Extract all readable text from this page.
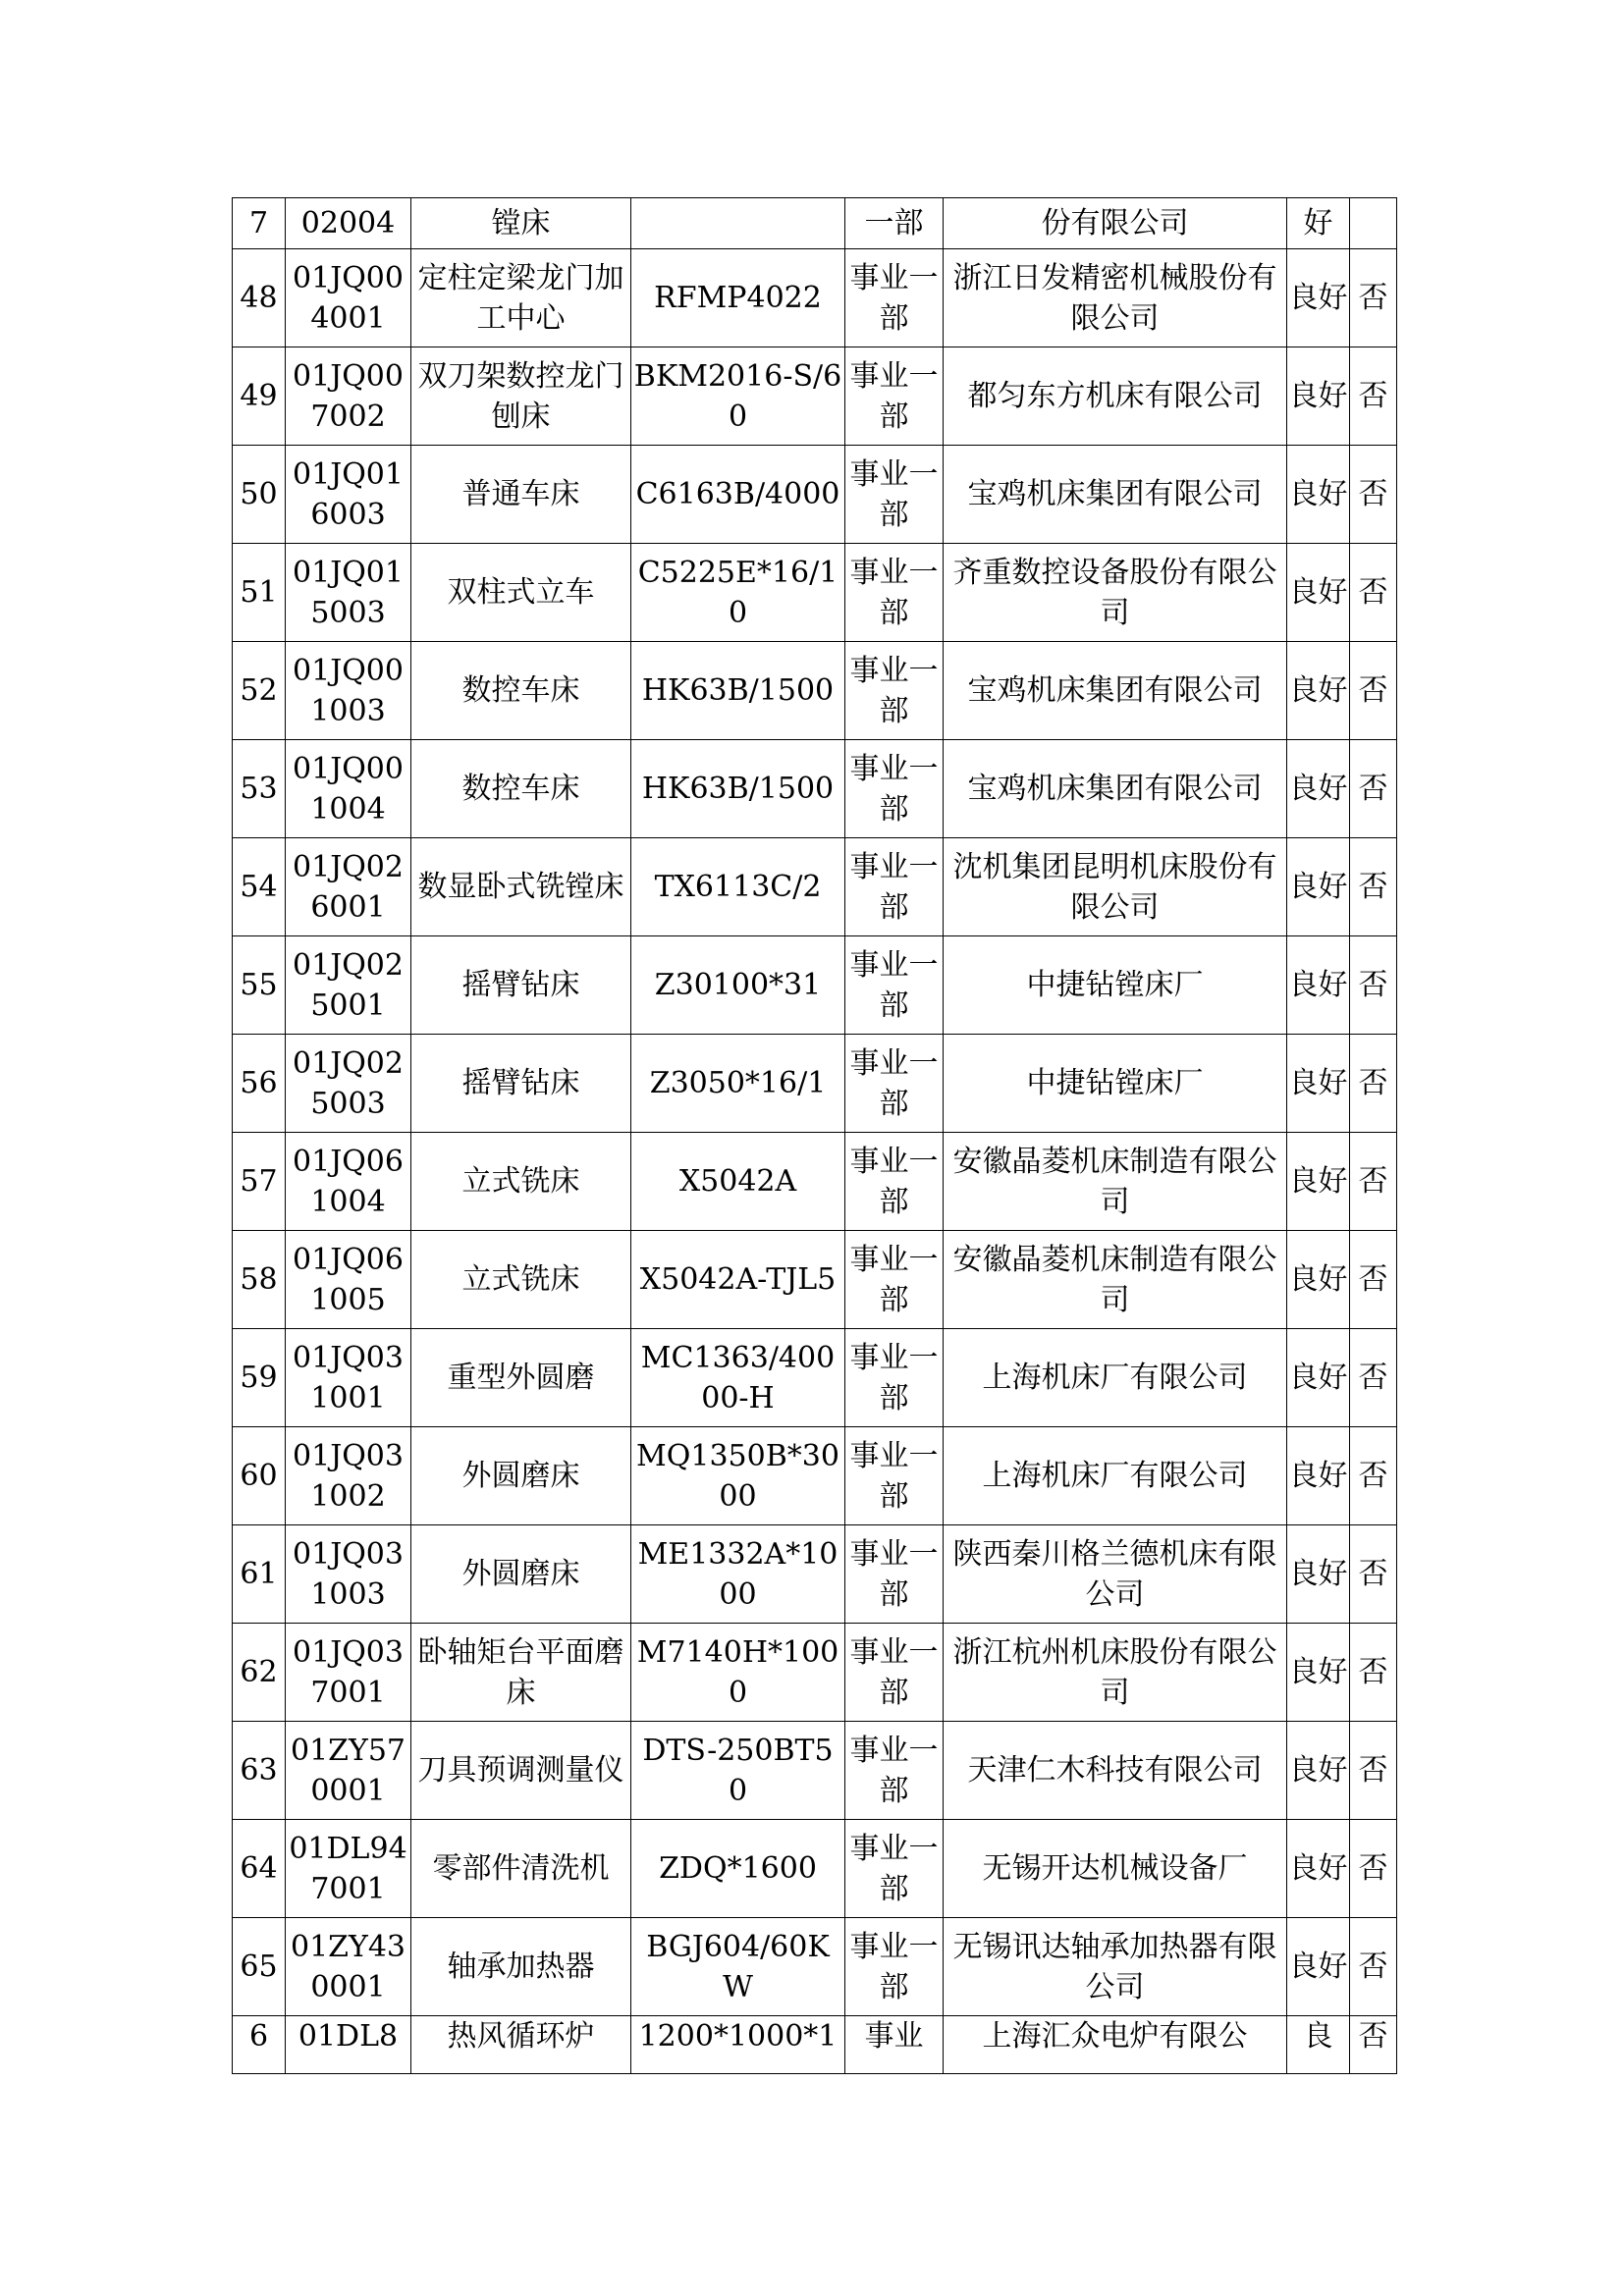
7	02004	镗床		一部	份有限公司	好	
48	01JQ004001	定柱定梁龙门加工中心	RFMP4022	事业一部	浙江日发精密机械股份有限公司	良好	否
49	01JQ007002	双刀架数控龙门刨床	BKM2016-S/60	事业一部	都匀东方机床有限公司	良好	否
50	01JQ016003	普通车床	C6163B/4000	事业一部	宝鸡机床集团有限公司	良好	否
51	01JQ015003	双柱式立车	C5225E*16/10	事业一部	齐重数控设备股份有限公司	良好	否
52	01JQ001003	数控车床	HK63B/1500	事业一部	宝鸡机床集团有限公司	良好	否
53	01JQ001004	数控车床	HK63B/1500	事业一部	宝鸡机床集团有限公司	良好	否
54	01JQ026001	数显卧式铣镗床	TX6113C/2	事业一部	沈机集团昆明机床股份有限公司	良好	否
55	01JQ025001	摇臂钻床	Z30100*31	事业一部	中捷钻镗床厂	良好	否
56	01JQ025003	摇臂钻床	Z3050*16/1	事业一部	中捷钻镗床厂	良好	否
57	01JQ061004	立式铣床	X5042A	事业一部	安徽晶菱机床制造有限公司	良好	否
58	01JQ061005	立式铣床	X5042A-TJL5	事业一部	安徽晶菱机床制造有限公司	良好	否
59	01JQ031001	重型外圆磨	MC1363/40000-H	事业一部	上海机床厂有限公司	良好	否
60	01JQ031002	外圆磨床	MQ1350B*3000	事业一部	上海机床厂有限公司	良好	否
61	01JQ031003	外圆磨床	ME1332A*1000	事业一部	陕西秦川格兰德机床有限公司	良好	否
62	01JQ037001	卧轴矩台平面磨床	M7140H*1000	事业一部	浙江杭州机床股份有限公司	良好	否
63	01ZY570001	刀具预调测量仪	DTS-250BT50	事业一部	天津仁木科技有限公司	良好	否
64	01DL947001	零部件清洗机	ZDQ*1600	事业一部	无锡开达机械设备厂	良好	否
65	01ZY430001	轴承加热器	BGJ604/60KW	事业一部	无锡讯达轴承加热器有限公司	良好	否
6	01DL8	热风循环炉	1200*1000*1	事业	上海汇众电炉有限公	良	否
